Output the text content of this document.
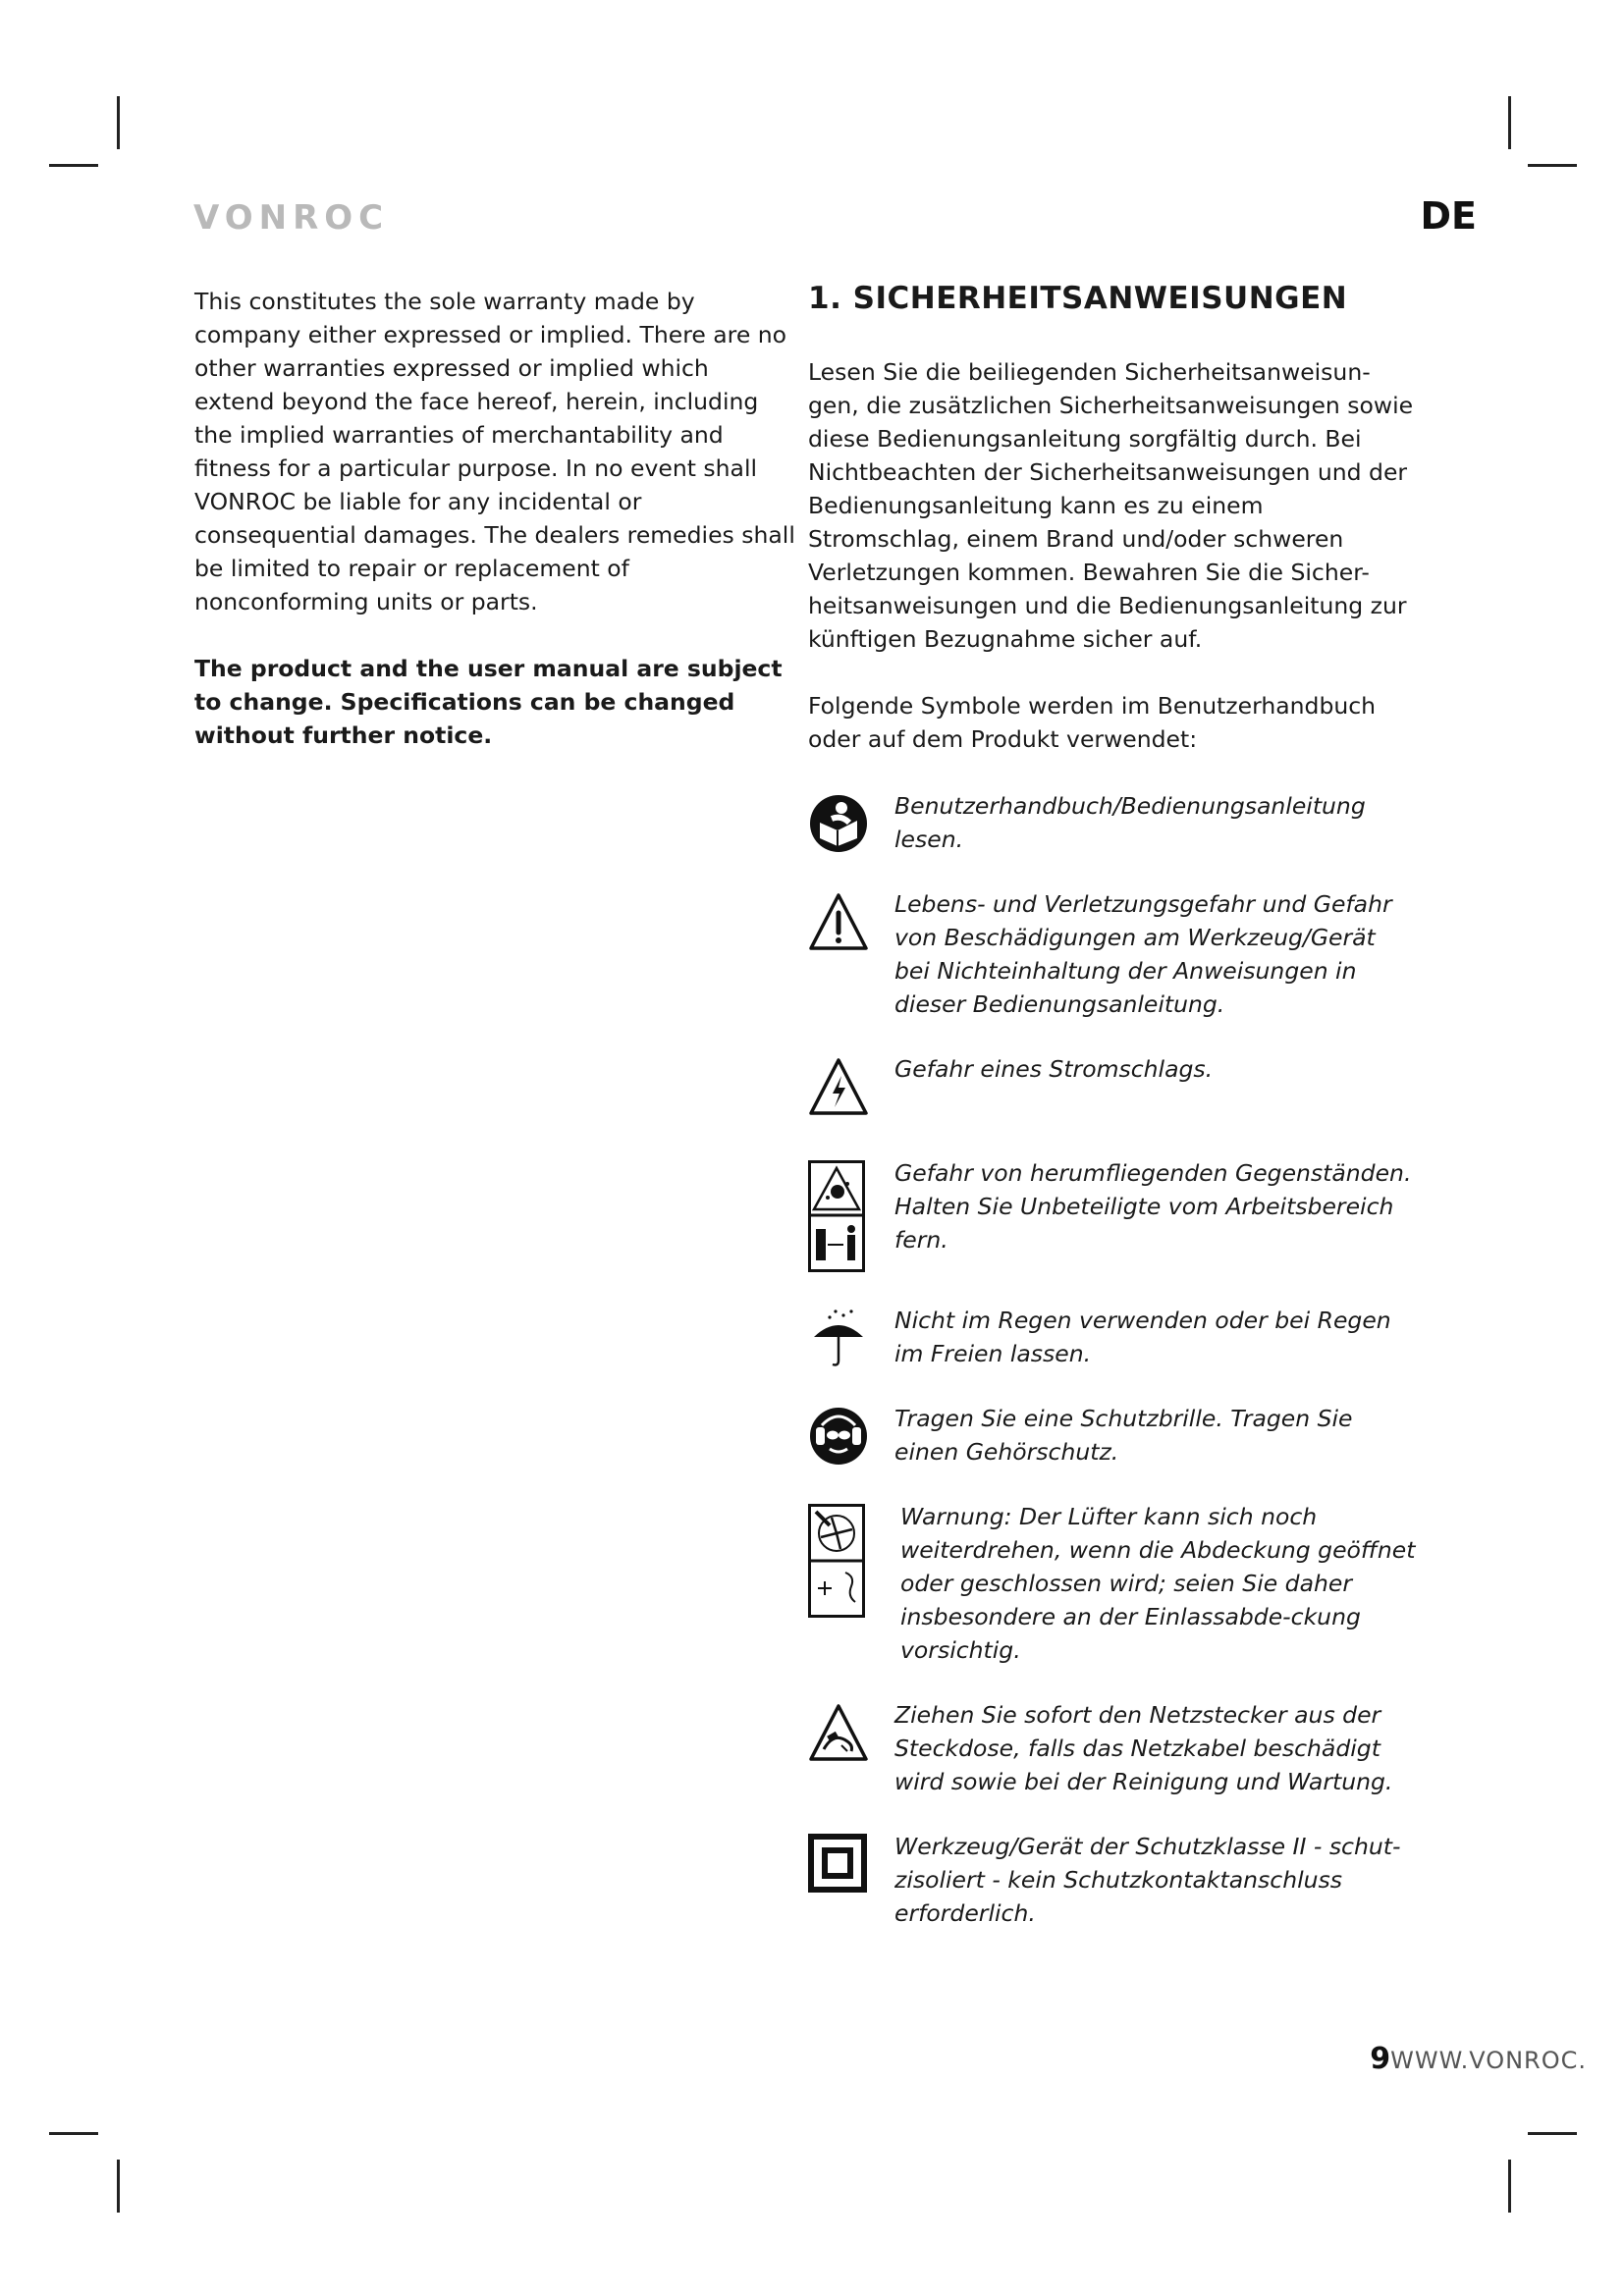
VONROC	DE

This constitutes the sole warranty made by company either expressed or implied. There are no other warranties expressed or implied which extend beyond the face hereof, herein, including the implied warranties of merchantability and fitness for a particular purpose. In no event shall VONROC be liable for any incidental or consequential damages. The dealers remedies shall be limited to repair or replacement of nonconforming units or parts.

The product and the user manual are subject to change. Specifications can be changed without further notice.

1. SICHERHEITSANWEISUNGEN

Lesen Sie die beiliegenden Sicherheitsanweisun-gen, die zusätzlichen Sicherheitsanweisungen sowie diese Bedienungsanleitung sorgfältig durch. Bei Nichtbeachten der Sicherheitsanweisungen und der Bedienungsanleitung kann es zu einem Stromschlag, einem Brand und/oder schweren Verletzungen kommen. Bewahren Sie die Sicher-heitsanweisungen und die Bedienungsanleitung zur künftigen Bezugnahme sicher auf.

Folgende Symbole werden im Benutzerhandbuch oder auf dem Produkt verwendet:

Benutzerhandbuch/Bedienungsanleitung lesen.
Lebens- und Verletzungsgefahr und Gefahr von Beschädigungen am Werkzeug/Gerät bei Nichteinhaltung der Anweisungen in dieser Bedienungsanleitung.
Gefahr eines Stromschlags.
Gefahr von herumfliegenden Gegenständen. Halten Sie Unbeteiligte vom Arbeitsbereich fern.
Nicht im Regen verwenden oder bei Regen im Freien lassen.
Tragen Sie eine Schutzbrille. Tragen Sie einen Gehörschutz.
Warnung: Der Lüfter kann sich noch weiterdrehen, wenn die Abdeckung geöffnet oder geschlossen wird; seien Sie daher insbesondere an der Einlassabde-ckung vorsichtig.
Ziehen Sie sofort den Netzstecker aus der Steckdose, falls das Netzkabel beschädigt wird sowie bei der Reinigung und Wartung.
Werkzeug/Gerät der Schutzklasse II - schut-zisoliert - kein Schutzkontaktanschluss erforderlich.
9WWW.VONROC.
